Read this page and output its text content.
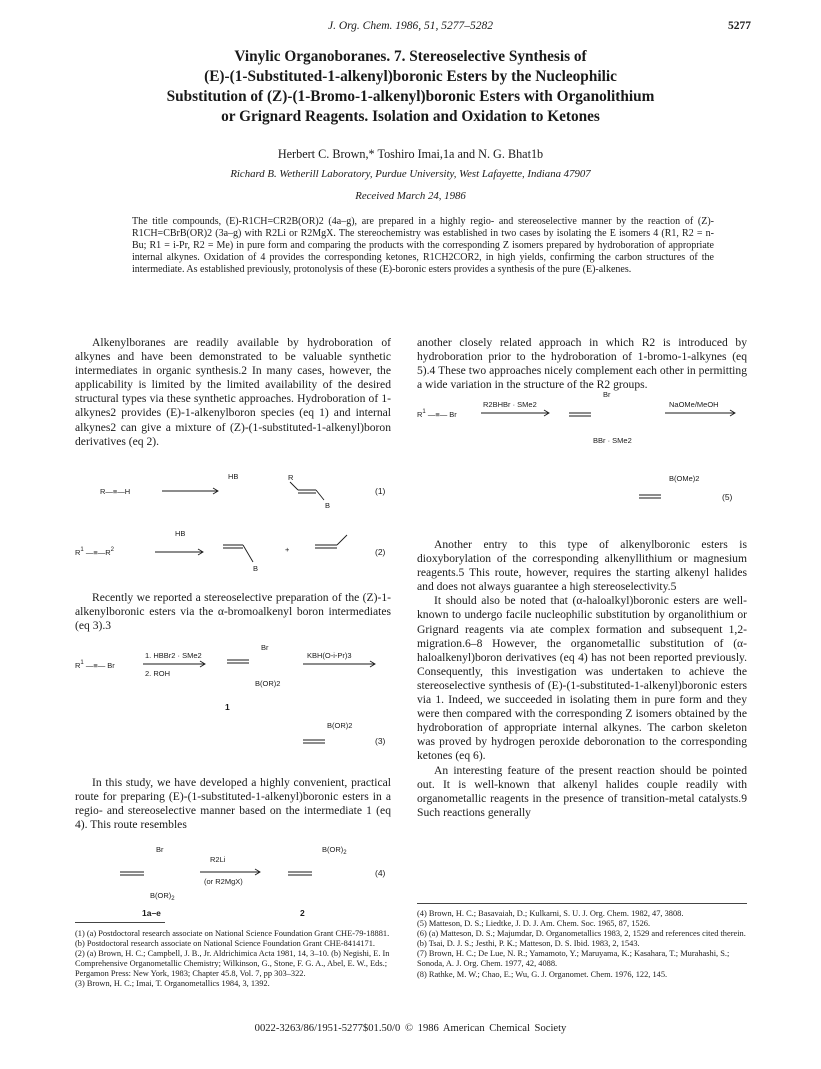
J. Org. Chem. 1986, 51, 5277–5282	5277
Vinylic Organoboranes. 7. Stereoselective Synthesis of
(E)-(1-Substituted-1-alkenyl)boronic Esters by the Nucleophilic
Substitution of (Z)-(1-Bromo-1-alkenyl)boronic Esters with Organolithium
or Grignard Reagents. Isolation and Oxidation to Ketones
Herbert C. Brown,* Toshiro Imai,1a and N. G. Bhat1b
Richard B. Wetherill Laboratory, Purdue University, West Lafayette, Indiana 47907
Received March 24, 1986
The title compounds, (E)-R1CH=CR2B(OR)2 (4a–g), are prepared in a highly regio- and stereoselective manner by the reaction of (Z)-R1CH=CBrB(OR)2 (3a–g) with R2Li or R2MgX. The stereochemistry was established in two cases by isolating the E isomers 4 (R1, R2 = n-Bu; R1 = i-Pr, R2 = Me) in pure form and comparing the products with the corresponding Z isomers prepared by hydroboration of appropriate internal alkynes. Oxidation of 4 provides the corresponding ketones, R1CH2COR2, in high yields, confirming the carbon structures of the intermediate. As established previously, protonolysis of these (E)-boronic esters provides a synthesis of the pure (E)-alkenes.

Alkenylboranes are readily available by hydroboration of alkynes and have been demonstrated to be valuable synthetic intermediates in organic synthesis.2 In many cases, however, the applicability is limited by the limited availability of the desired structural types via these synthetic approaches. Hydroboration of 1-alkynes2 provides (E)-1-alkenylboron species (eq 1) and internal alkynes2 can give a mixture of (Z)-(1-substituted-1-alkenyl)boron derivatives (eq 2).

R—≡—H
HB	R
B
(1)
$R^1$ $—\equiv—R^2$
HB
B
+	(2)

Recently we reported a stereoselective preparation of the (Z)-1-alkenylboronic esters via the α-bromoalkenyl boron intermediates (eq 3).3

$R^1$ —≡— Br
1. HBBr2 · SMe2
2. ROH
Br
B(OR)2
1
KBH(O-i-Pr)3
B(OR)2
(3)

In this study, we have developed a highly convenient, practical route for preparing (E)-(1-substituted-1-alkenyl)boronic esters in a regio- and stereoselective manner based on the intermediate 1 (eq 4). This route resembles

Br
$B(OR)_2$
1a–e
R2Li
(or R2MgX)
$B(OR)_2$
2
(4)

another closely related approach in which R2 is introduced by hydroboration prior to the hydroboration of 1-bromo-1-alkynes (eq 5).4 These two approaches nicely complement each other in permitting a wide variation in the structure of the R2 groups.

$R^1$ —≡— Br
R2BHBr · SMe2
Br
BBr · SMe2
NaOMe/MeOH
B(OMe)2
(5)

Another entry to this type of alkenylboronic esters is dioxyborylation of the corresponding alkenyllithium or magnesium reagents.5 This route, however, requires the starting alkenyl halides and does not always guarantee a high stereoselectivity.5

It should also be noted that (α-haloalkyl)boronic esters are well-known to undergo facile nucleophilic substitution by organolithium or Grignard reagents via ate complex formation and subsequent 1,2-migration.6–8 However, the organometallic substitution of (α-haloalkenyl)boron derivatives (eq 4) has not been reported previously. Consequently, this investigation was undertaken to achieve the stereoselective synthesis of (E)-(1-substituted-1-alkenyl)boronic esters via 1. Indeed, we succeeded in isolating them in pure form and they were then compared with the corresponding Z isomers obtained by the hydroboration of appropriate internal alkynes. The carbon skeleton was proved by hydrogen peroxide deboronation to the corresponding ketones (eq 6).

An interesting feature of the present reaction should be pointed out. It is well-known that alkenyl halides couple readily with organometallic reagents in the presence of transition-metal catalysts.9 Such reactions generally

(1) (a) Postdoctoral research associate on National Science Foundation Grant CHE-79-18881. (b) Postdoctoral research associate on National Science Foundation Grant CHE-8414171.
(2) (a) Brown, H. C.; Campbell, J. B., Jr. Aldrichimica Acta 1981, 14, 3–10. (b) Negishi, E. In Comprehensive Organometallic Chemistry; Wilkinson, G., Stone, F. G. A., Abel, E. W., Eds.; Pergamon Press: New York, 1983; Chapter 45.8, Vol. 7, pp 303–322.
(3) Brown, H. C.; Imai, T. Organometallics 1984, 3, 1392.
(4) Brown, H. C.; Basavaiah, D.; Kulkarni, S. U. J. Org. Chem. 1982, 47, 3808.
(5) Matteson, D. S.; Liedtke, J. D. J. Am. Chem. Soc. 1965, 87, 1526.
(6) (a) Matteson, D. S.; Majumdar, D. Organometallics 1983, 2, 1529 and references cited therein. (b) Tsai, D. J. S.; Jesthi, P. K.; Matteson, D. S. Ibid. 1983, 2, 1543.
(7) Brown, H. C.; De Lue, N. R.; Yamamoto, Y.; Maruyama, K.; Kasahara, T.; Murahashi, S.; Sonoda, A. J. Org. Chem. 1977, 42, 4088.
(8) Rathke, M. W.; Chao, E.; Wu, G. J. Organomet. Chem. 1976, 122, 145.
0022-3263/86/1951-5277$01.50/0 © 1986 American Chemical Society
